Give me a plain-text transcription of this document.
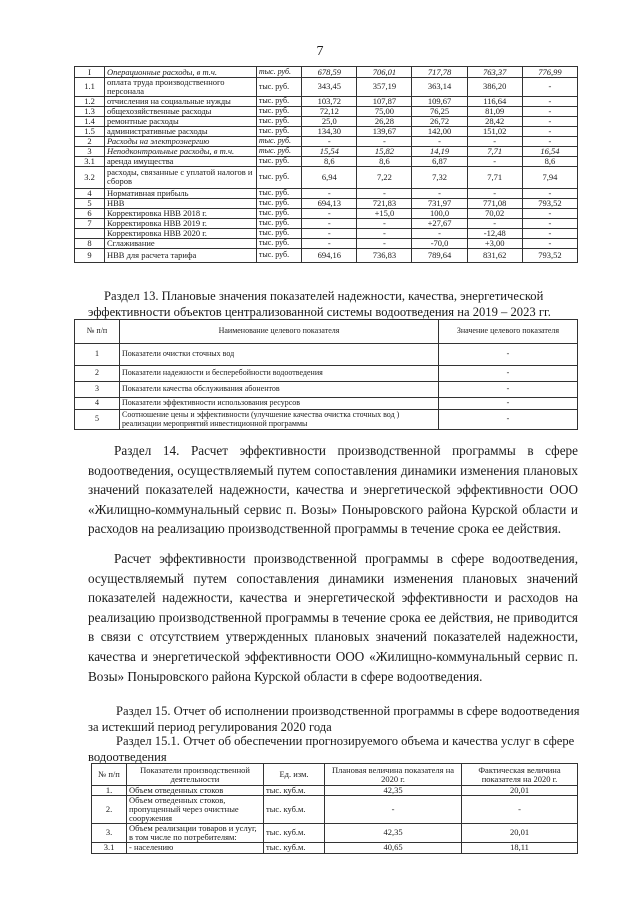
7
I	Операционные расходы, в т.ч.	тыс. руб.	678,59	706,01	717,78	763,37	776,99
1.1	оплата труда производственного персонала	тыс. руб.	343,45	357,19	363,14	386,20	-
1.2	отчисления на социальные нужды	тыс. руб.	103,72	107,87	109,67	116,64	-
1.3	общехозяйственные расходы	тыс. руб.	72,12	75,00	76,25	81,09	-
1.4	ремонтные расходы	тыс. руб.	25,0	26,28	26,72	28,42	-
1.5	административные расходы	тыс. руб.	134,30	139,67	142,00	151,02	-
2	Расходы на электроэнергию	тыс. руб.	-	-	-	-	-
3	Неподконтрольные расходы, в т.ч.	тыс. руб.	15,54	15,82	14,19	7,71	16,54
3.1	аренда имущества	тыс. руб.	8,6	8,6	6,87	-	8,6
3.2	расходы, связанные с уплатой налогов и сборов	тыс. руб.	6,94	7,22	7,32	7,71	7,94
4	Нормативная прибыль	тыс. руб.	-	-	-	-	-
5	НВВ	тыс. руб.	694,13	721,83	731,97	771,08	793,52
6	Корректировка НВВ 2018 г.	тыс. руб.	-	+15,0	100,0	70,02	-
7	Корректировка НВВ 2019 г.	тыс. руб.	-	-	+27,67	-	-
	Корректировка НВВ 2020 г.	тыс. руб.	-	-	-	-12,48	-
8	Сглаживание	тыс. руб.	-	-	-70,0	+3,00	-
9	НВВ для расчета тарифа	тыс. руб.	694,16	736,83	789,64	831,62	793,52
Раздел 13. Плановые значения показателей надежности, качества, энергетической эффективности объектов централизованной системы водоотведения на 2019 – 2023 гг.
№ п/п	Наименование целевого показателя	Значение целевого показателя
1	Показатели очистки сточных вод	-
2	Показатели надежности и бесперебойности водоотведения	-
3	Показатели качества обслуживания абонентов	-
4	Показатели эффективности использования ресурсов	-
5	Соотношение цены и эффективности (улучшение качества очистка сточных вод ) реализации мероприятий инвестиционной программы	-
Раздел 14. Расчет эффективности производственной программы в сфере водоотведения, осуществляемый путем сопоставления динамики изменения плановых значений показателей надежности, качества и энергетической эффективности ООО «Жилищно-коммунальный сервис п. Возы» Поныровского района Курской области и расходов на реализацию производственной программы в течение срока ее действия.
Расчет эффективности производственной программы в сфере водоотведения, осуществляемый путем сопоставления динамики изменения плановых значений показателей надежности, качества и энергетической эффективности и расходов на реализацию производственной программы в течение срока ее действия, не приводится в связи с отсутствием утвержденных плановых значений показателей надежности, качества и энергетической эффективности ООО «Жилищно-коммунальный сервис п. Возы» Поныровского района Курской области в сфере водоотведения.
Раздел 15. Отчет об исполнении производственной программы в сфере водоотведения за истекший период регулирования 2020 года
Раздел 15.1. Отчет об обеспечении прогнозируемого объема и качества услуг в сфере водоотведения
№ п/п	Показатели производственной деятельности	Ед. изм.	Плановая величина показателя на 2020 г.	Фактическая величина показателя на 2020 г.
1.	Объем отведенных стоков	тыс. куб.м.	42,35	20,01
2.	Объем отведенных стоков, пропущенный через очистные сооружения	тыс. куб.м.	-	-
3.	Объем реализации товаров и услуг, в том числе по потребителям:	тыс. куб.м.	42,35	20,01
3.1	- населению	тыс. куб.м.	40,65	18,11
